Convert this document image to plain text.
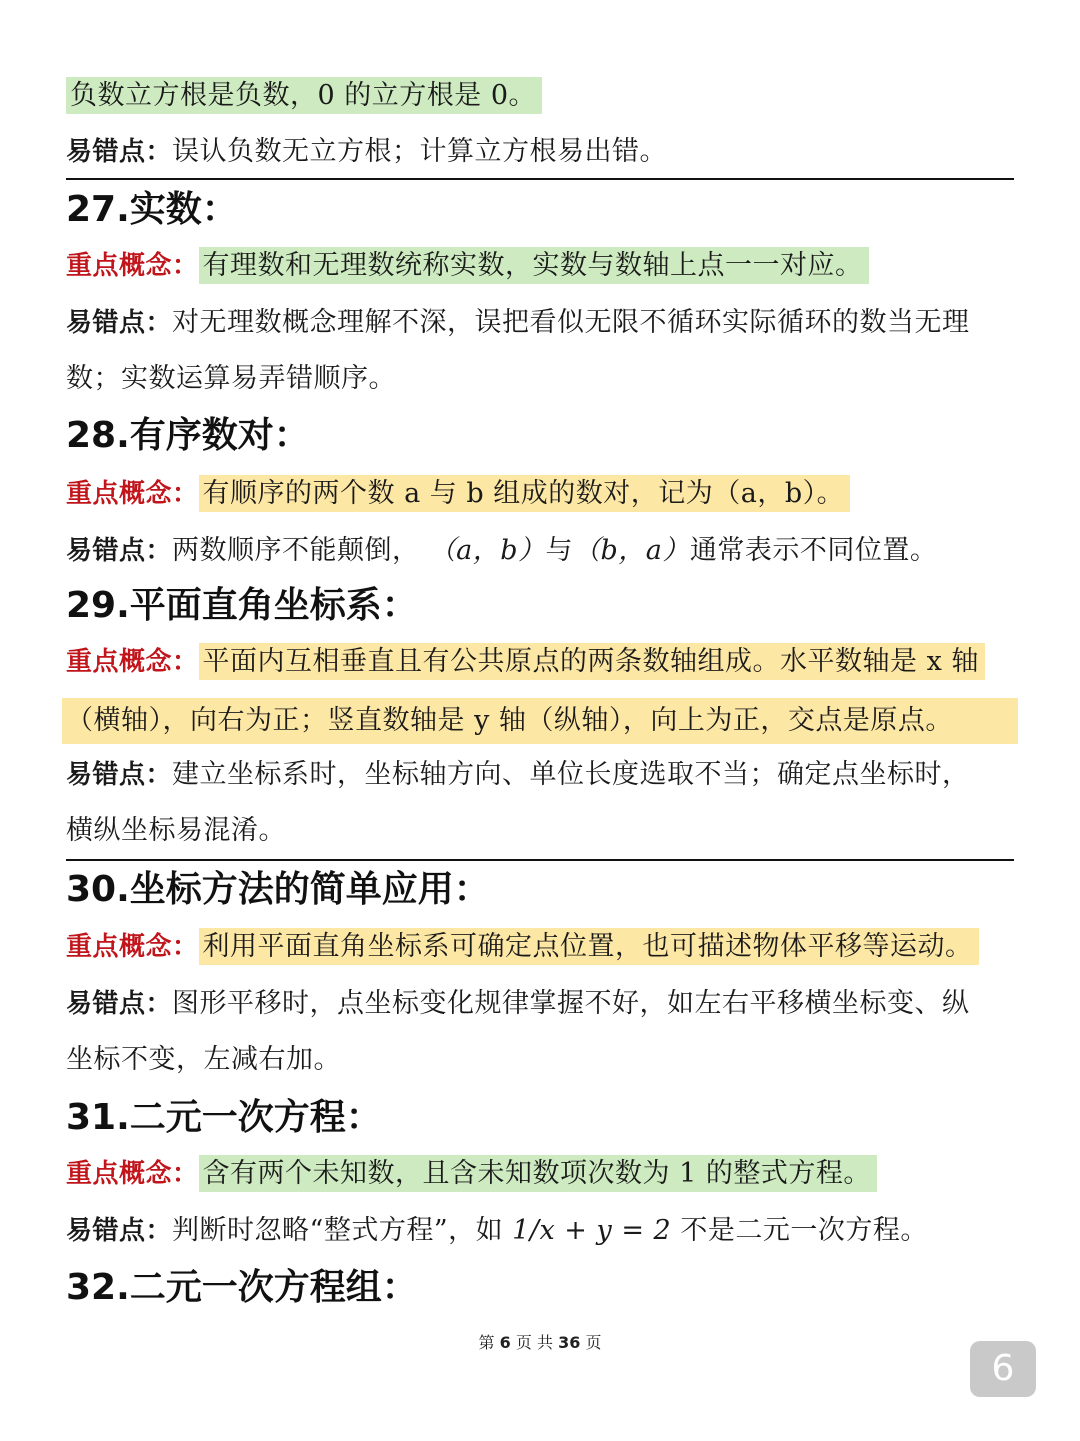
负数立方根是负数，0 的立方根是 0。
易错点：误认负数无立方根；计算立方根易出错。
27.实数：
重点概念： 有理数和无理数统称实数，实数与数轴上点一一对应。
易错点：对无理数概念理解不深，误把看似无限不循环实际循环的数当无理
数；实数运算易弄错顺序。
28.有序数对：
重点概念： 有顺序的两个数 a 与 b 组成的数对，记为（a，b）。
易错点：两数顺序不能颠倒， （a，b）与（b，a）通常表示不同位置。
29.平面直角坐标系：
重点概念： 平面内互相垂直且有公共原点的两条数轴组成。水平数轴是 x 轴
（横轴），向右为正；竖直数轴是 y 轴（纵轴），向上为正，交点是原点。
易错点：建立坐标系时，坐标轴方向、单位长度选取不当；确定点坐标时，
横纵坐标易混淆。
30.坐标方法的简单应用：
重点概念： 利用平面直角坐标系可确定点位置，也可描述物体平移等运动。
易错点：图形平移时，点坐标变化规律掌握不好，如左右平移横坐标变、纵
坐标不变，左减右加。
31.二元一次方程：
重点概念： 含有两个未知数，且含未知数项次数为 1 的整式方程。
易错点：判断时忽略“整式方程”，如 1/x + y = 2 不是二元一次方程。
32.二元一次方程组：
第 6 页 共 36 页
6
